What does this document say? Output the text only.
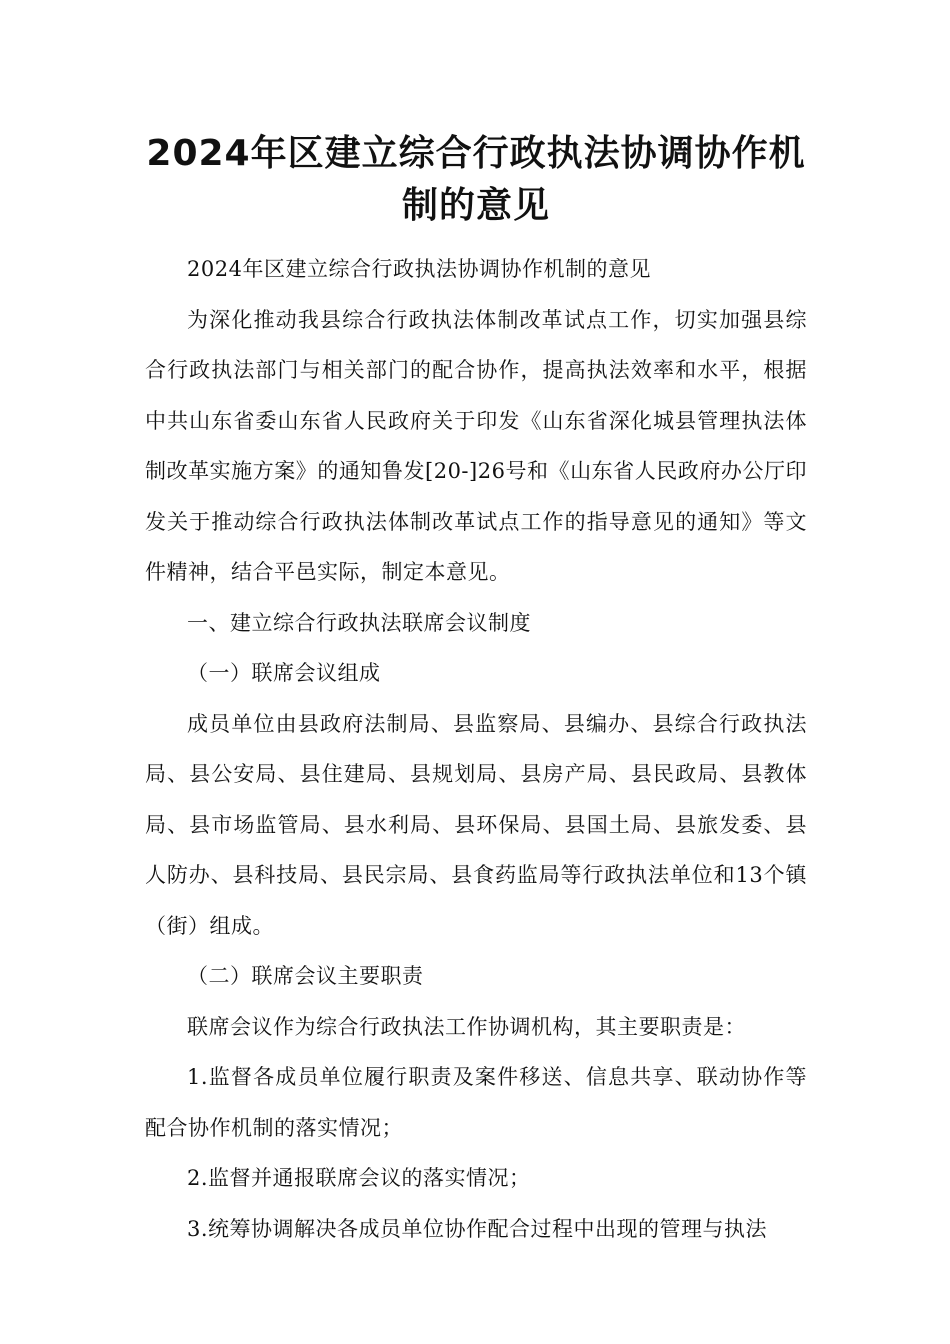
2024年区建立综合行政执法协调协作机制的意见

2024年区建立综合行政执法协调协作机制的意见

为深化推动我县综合行政执法体制改革试点工作，切实加强县综合行政执法部门与相关部门的配合协作，提高执法效率和水平，根据中共山东省委山东省人民政府关于印发《山东省深化城县管理执法体制改革实施方案》的通知鲁发[20-]26号和《山东省人民政府办公厅印发关于推动综合行政执法体制改革试点工作的指导意见的通知》等文件精神，结合平邑实际，制定本意见。

一、建立综合行政执法联席会议制度

（一）联席会议组成

成员单位由县政府法制局、县监察局、县编办、县综合行政执法局、县公安局、县住建局、县规划局、县房产局、县民政局、县教体局、县市场监管局、县水利局、县环保局、县国土局、县旅发委、县人防办、县科技局、县民宗局、县食药监局等行政执法单位和13个镇（街）组成。

（二）联席会议主要职责

联席会议作为综合行政执法工作协调机构，其主要职责是：

1.监督各成员单位履行职责及案件移送、信息共享、联动协作等配合协作机制的落实情况；

2.监督并通报联席会议的落实情况；

3.统筹协调解决各成员单位协作配合过程中出现的管理与执法
